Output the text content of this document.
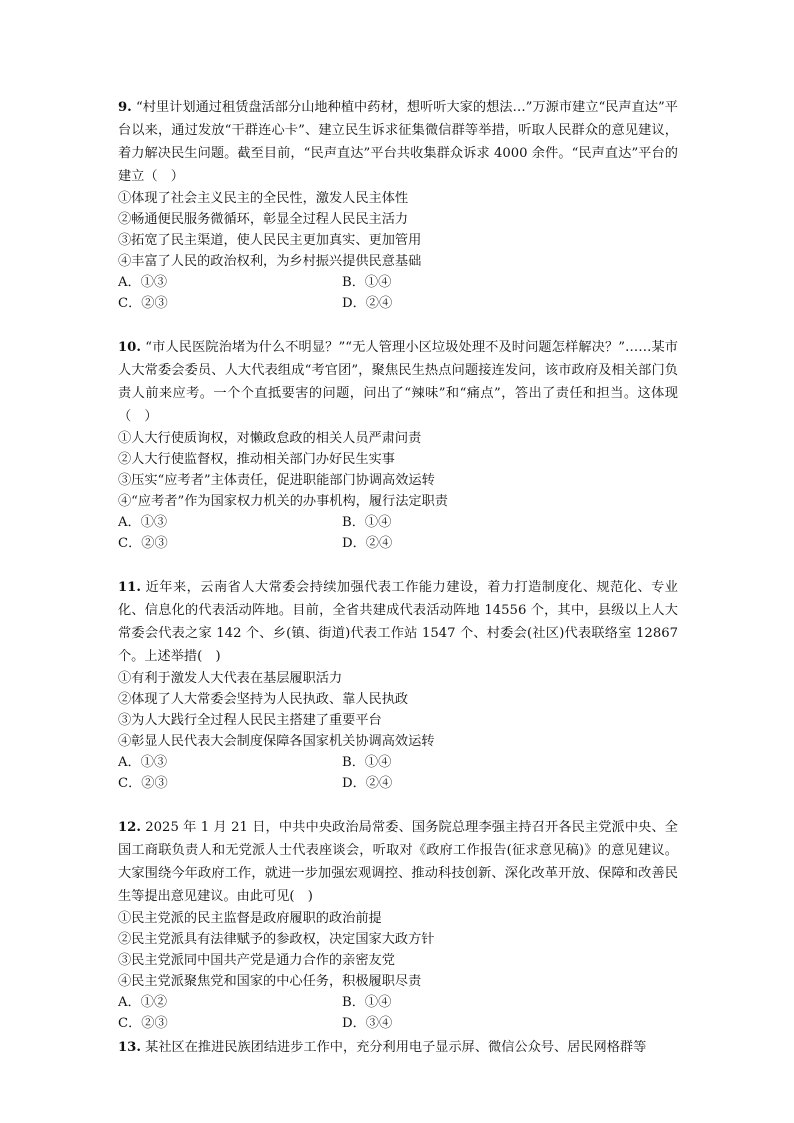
9. “村里计划通过租赁盘活部分山地种植中药材，想听听大家的想法…”万源市建立“民声直达”平台以来，通过发放“干群连心卡”、建立民生诉求征集微信群等举措，听取人民群众的意见建议，着力解决民生问题。截至目前，“民声直达”平台共收集群众诉求 4000 余件。“民声直达”平台的建立（　）

①体现了社会主义民主的全民性，激发人民主体性

②畅通便民服务微循环，彰显全过程人民民主活力

③拓宽了民主渠道，使人民民主更加真实、更加管用

④丰富了人民的政治权利，为乡村振兴提供民意基础

A．①③	B．①④
C．②③	D．②④

10. “市人民医院治堵为什么不明显？”“无人管理小区垃圾处理不及时问题怎样解决？”……某市人大常委会委员、人大代表组成“考官团”，聚焦民生热点问题接连发问，该市政府及相关部门负责人前来应考。一个个直抵要害的问题，问出了“辣味”和“痛点”，答出了责任和担当。这体现（　）

①人大行使质询权，对懒政怠政的相关人员严肃问责

②人大行使监督权，推动相关部门办好民生实事

③压实“应考者”主体责任，促进职能部门协调高效运转

④“应考者”作为国家权力机关的办事机构，履行法定职责

A．①③	B．①④
C．②③	D．②④

11. 近年来，云南省人大常委会持续加强代表工作能力建设，着力打造制度化、规范化、专业化、信息化的代表活动阵地。目前，全省共建成代表活动阵地 14556 个，其中，县级以上人大常委会代表之家 142 个、乡(镇、街道)代表工作站 1547 个、村委会(社区)代表联络室 12867 个。上述举措(　)

①有利于激发人大代表在基层履职活力

②体现了人大常委会坚持为人民执政、靠人民执政

③为人大践行全过程人民民主搭建了重要平台

④彰显人民代表大会制度保障各国家机关协调高效运转

A．①③	B．①④
C．②③	D．②④

12. 2025 年 1 月 21 日，中共中央政治局常委、国务院总理李强主持召开各民主党派中央、全国工商联负责人和无党派人士代表座谈会，听取对《政府工作报告(征求意见稿)》的意见建议。大家围绕今年政府工作，就进一步加强宏观调控、推动科技创新、深化改革开放、保障和改善民生等提出意见建议。由此可见(　)

①民主党派的民主监督是政府履职的政治前提

②民主党派具有法律赋予的参政权，决定国家大政方针

③民主党派同中国共产党是通力合作的亲密友党

④民主党派聚焦党和国家的中心任务，积极履职尽责

A．①②	B．①④
C．②③	D．③④

13. 某社区在推进民族团结进步工作中，充分利用电子显示屏、微信公众号、居民网格群等
